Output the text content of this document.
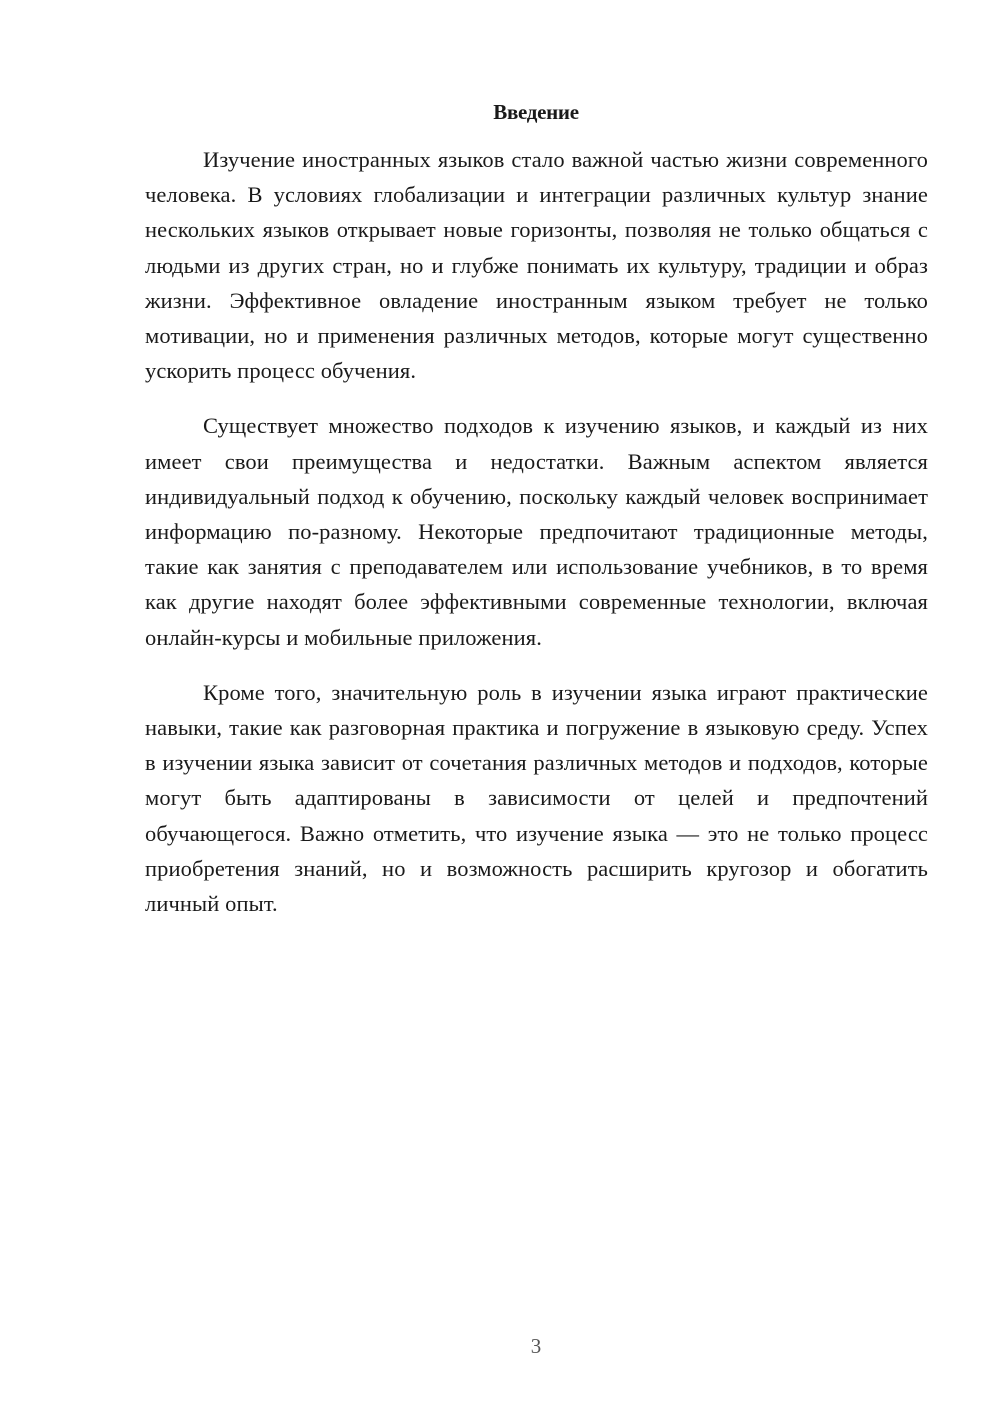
Введение

Изучение иностранных языков стало важной частью жизни современного человека. В условиях глобализации и интеграции различных культур знание нескольких языков открывает новые горизонты, позволяя не только общаться с людьми из других стран, но и глубже понимать их культуру, традиции и образ жизни. Эффективное овладение иностранным языком требует не только мотивации, но и применения различных методов, которые могут существенно ускорить процесс обучения.

Существует множество подходов к изучению языков, и каждый из них имеет свои преимущества и недостатки. Важным аспектом является индивидуальный подход к обучению, поскольку каждый человек воспринимает информацию по-разному. Некоторые предпочитают традиционные методы, такие как занятия с преподавателем или использование учебников, в то время как другие находят более эффективными современные технологии, включая онлайн-курсы и мобильные приложения.

Кроме того, значительную роль в изучении языка играют практические навыки, такие как разговорная практика и погружение в языковую среду. Успех в изучении языка зависит от сочетания различных методов и подходов, которые могут быть адаптированы в зависимости от целей и предпочтений обучающегося. Важно отметить, что изучение языка — это не только процесс приобретения знаний, но и возможность расширить кругозор и обогатить личный опыт.

3
